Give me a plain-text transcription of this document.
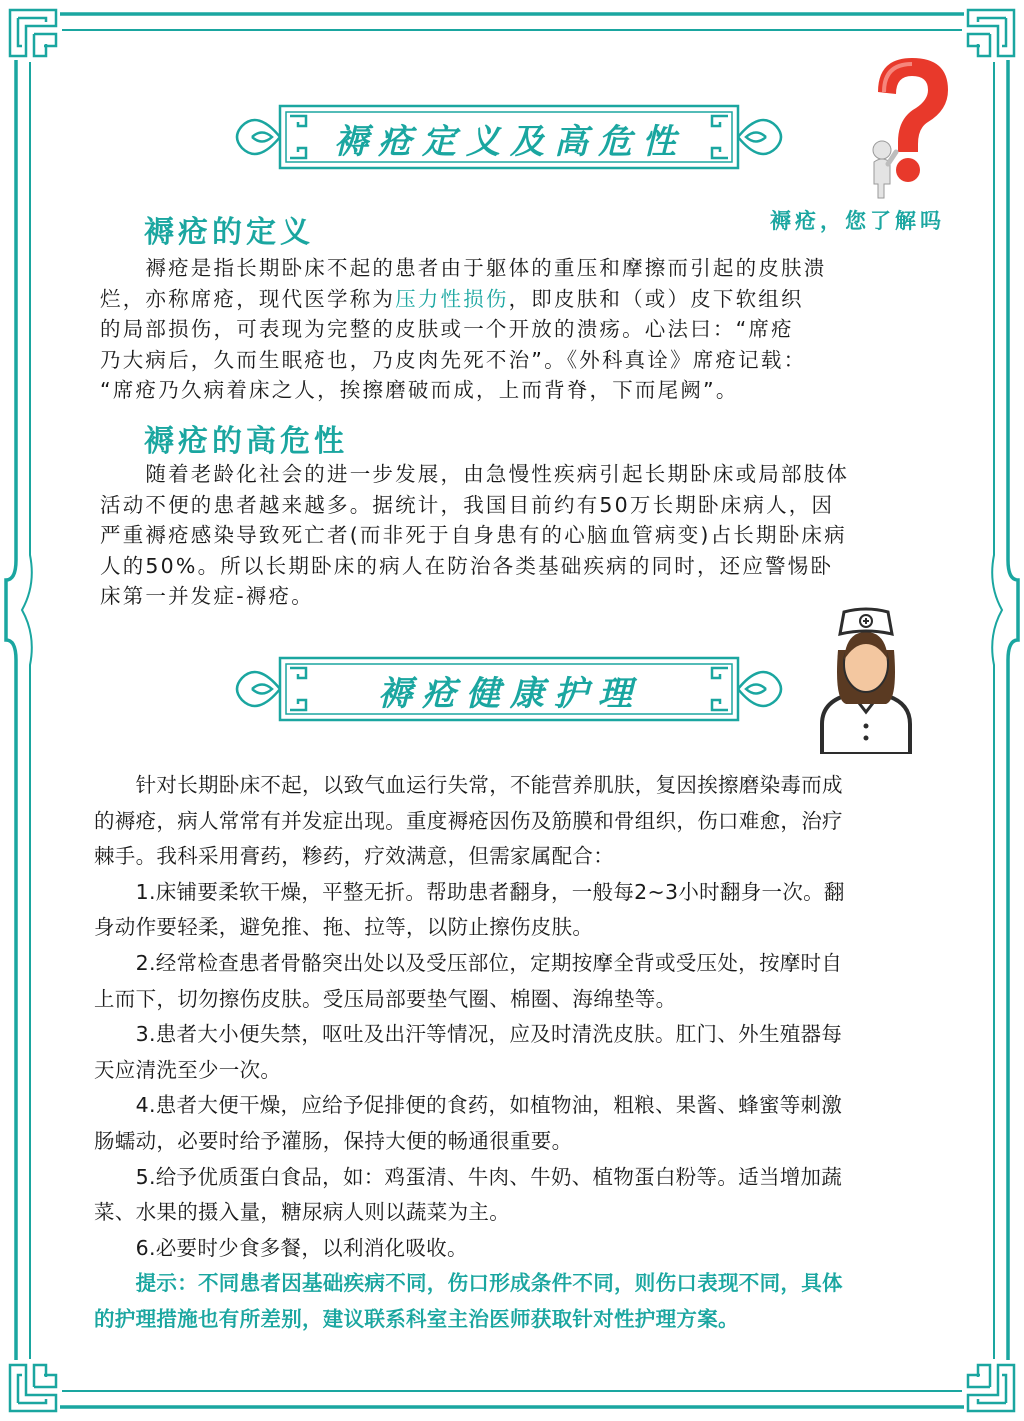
褥疮定义及高危性
褥疮，您了解吗
褥疮的定义
　　褥疮是指长期卧床不起的患者由于躯体的重压和摩擦而引起的皮肤溃
烂，亦称席疮，现代医学称为压力性损伤，即皮肤和（或）皮下软组织
的局部损伤，可表现为完整的皮肤或一个开放的溃疡。心法曰：“席疮
乃大病后，久而生眠疮也，乃皮肉先死不治”。《外科真诠》席疮记载：
“席疮乃久病着床之人，挨擦磨破而成，上而背脊，下而尾阙”。
褥疮的高危性
　　随着老龄化社会的进一步发展，由急慢性疾病引起长期卧床或局部肢体
活动不便的患者越来越多。据统计，我国目前约有50万长期卧床病人，因
严重褥疮感染导致死亡者(而非死于自身患有的心脑血管病变)占长期卧床病
人的50%。所以长期卧床的病人在防治各类基础疾病的同时，还应警惕卧
床第一并发症-褥疮。
褥疮健康护理
　　针对长期卧床不起，以致气血运行失常，不能营养肌肤，复因挨擦磨染毒而成
的褥疮，病人常常有并发症出现。重度褥疮因伤及筋膜和骨组织，伤口难愈，治疗
棘手。我科采用膏药，糁药，疗效满意，但需家属配合：
　　1.床铺要柔软干燥，平整无折。帮助患者翻身，一般每2~3小时翻身一次。翻
身动作要轻柔，避免推、拖、拉等，以防止擦伤皮肤。
　　2.经常检查患者骨骼突出处以及受压部位，定期按摩全背或受压处，按摩时自
上而下，切勿擦伤皮肤。受压局部要垫气圈、棉圈、海绵垫等。
　　3.患者大小便失禁，呕吐及出汗等情况，应及时清洗皮肤。肛门、外生殖器每
天应清洗至少一次。
　　4.患者大便干燥，应给予促排便的食药，如植物油，粗粮、果酱、蜂蜜等刺激
肠蠕动，必要时给予灌肠，保持大便的畅通很重要。
　　5.给予优质蛋白食品，如：鸡蛋清、牛肉、牛奶、植物蛋白粉等。适当增加蔬
菜、水果的摄入量，糖尿病人则以蔬菜为主。
　　6.必要时少食多餐，以利消化吸收。
　　提示：不同患者因基础疾病不同，伤口形成条件不同，则伤口表现不同，具体
的护理措施也有所差别，建议联系科室主治医师获取针对性护理方案。
